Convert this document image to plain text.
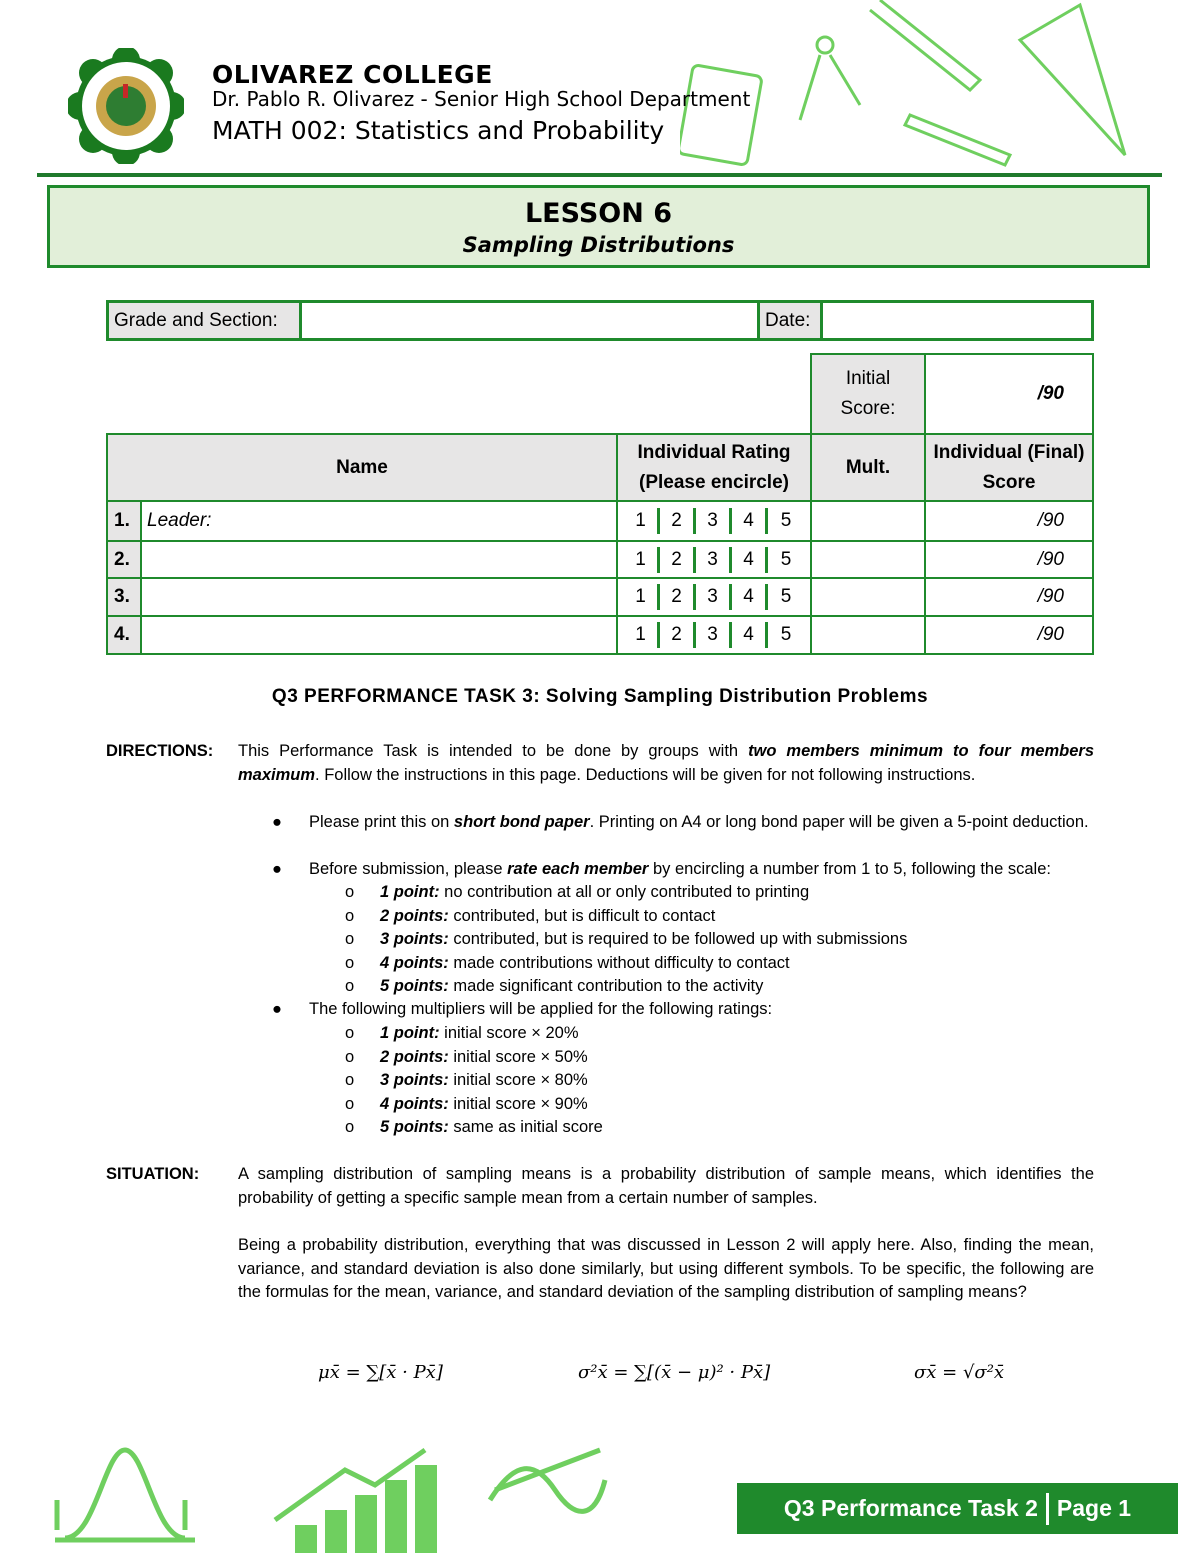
OLIVAREZ COLLEGE
Dr. Pablo R. Olivarez - Senior High School Department
MATH 002: Statistics and Probability
LESSON 6
Sampling Distributions
Grade and Section:		Date:	
			Initial Score:	/90
Name		Individual Rating (Please encircle)	Mult.	Individual (Final) Score
1.	Leader:	1 2 3 4 5		/90
2.		1 2 3 4 5		/90
3.		1 2 3 4 5		/90
4.		1 2 3 4 5		/90
Q3 PERFORMANCE TASK 3: Solving Sampling Distribution Problems
DIRECTIONS: This Performance Task is intended to be done by groups with two members minimum to four members maximum. Follow the instructions in this page. Deductions will be given for not following instructions.
● Please print this on short bond paper. Printing on A4 or long bond paper will be given a 5-point deduction.
● Before submission, please rate each member by encircling a number from 1 to 5, following the scale:
o 1 point: no contribution at all or only contributed to printing
o 2 points: contributed, but is difficult to contact
o 3 points: contributed, but is required to be followed up with submissions
o 4 points: made contributions without difficulty to contact
o 5 points: made significant contribution to the activity
● The following multipliers will be applied for the following ratings:
o 1 point: initial score × 20%
o 2 points: initial score × 50%
o 3 points: initial score × 80%
o 4 points: initial score × 90%
o 5 points: same as initial score
SITUATION: A sampling distribution of sampling means is a probability distribution of sample means, which identifies the probability of getting a specific sample mean from a certain number of samples.
Being a probability distribution, everything that was discussed in Lesson 2 will apply here. Also, finding the mean, variance, and standard deviation is also done similarly, but using different symbols. To be specific, the following are the formulas for the mean, variance, and standard deviation of the sampling distribution of sampling means?
μx̄ = ∑[x̄ · Px̄]	σ²x̄ = ∑[(x̄ − μ)² · Px̄]	σx̄ = √σ²x̄
Q3 Performance Task 2 Page 1
